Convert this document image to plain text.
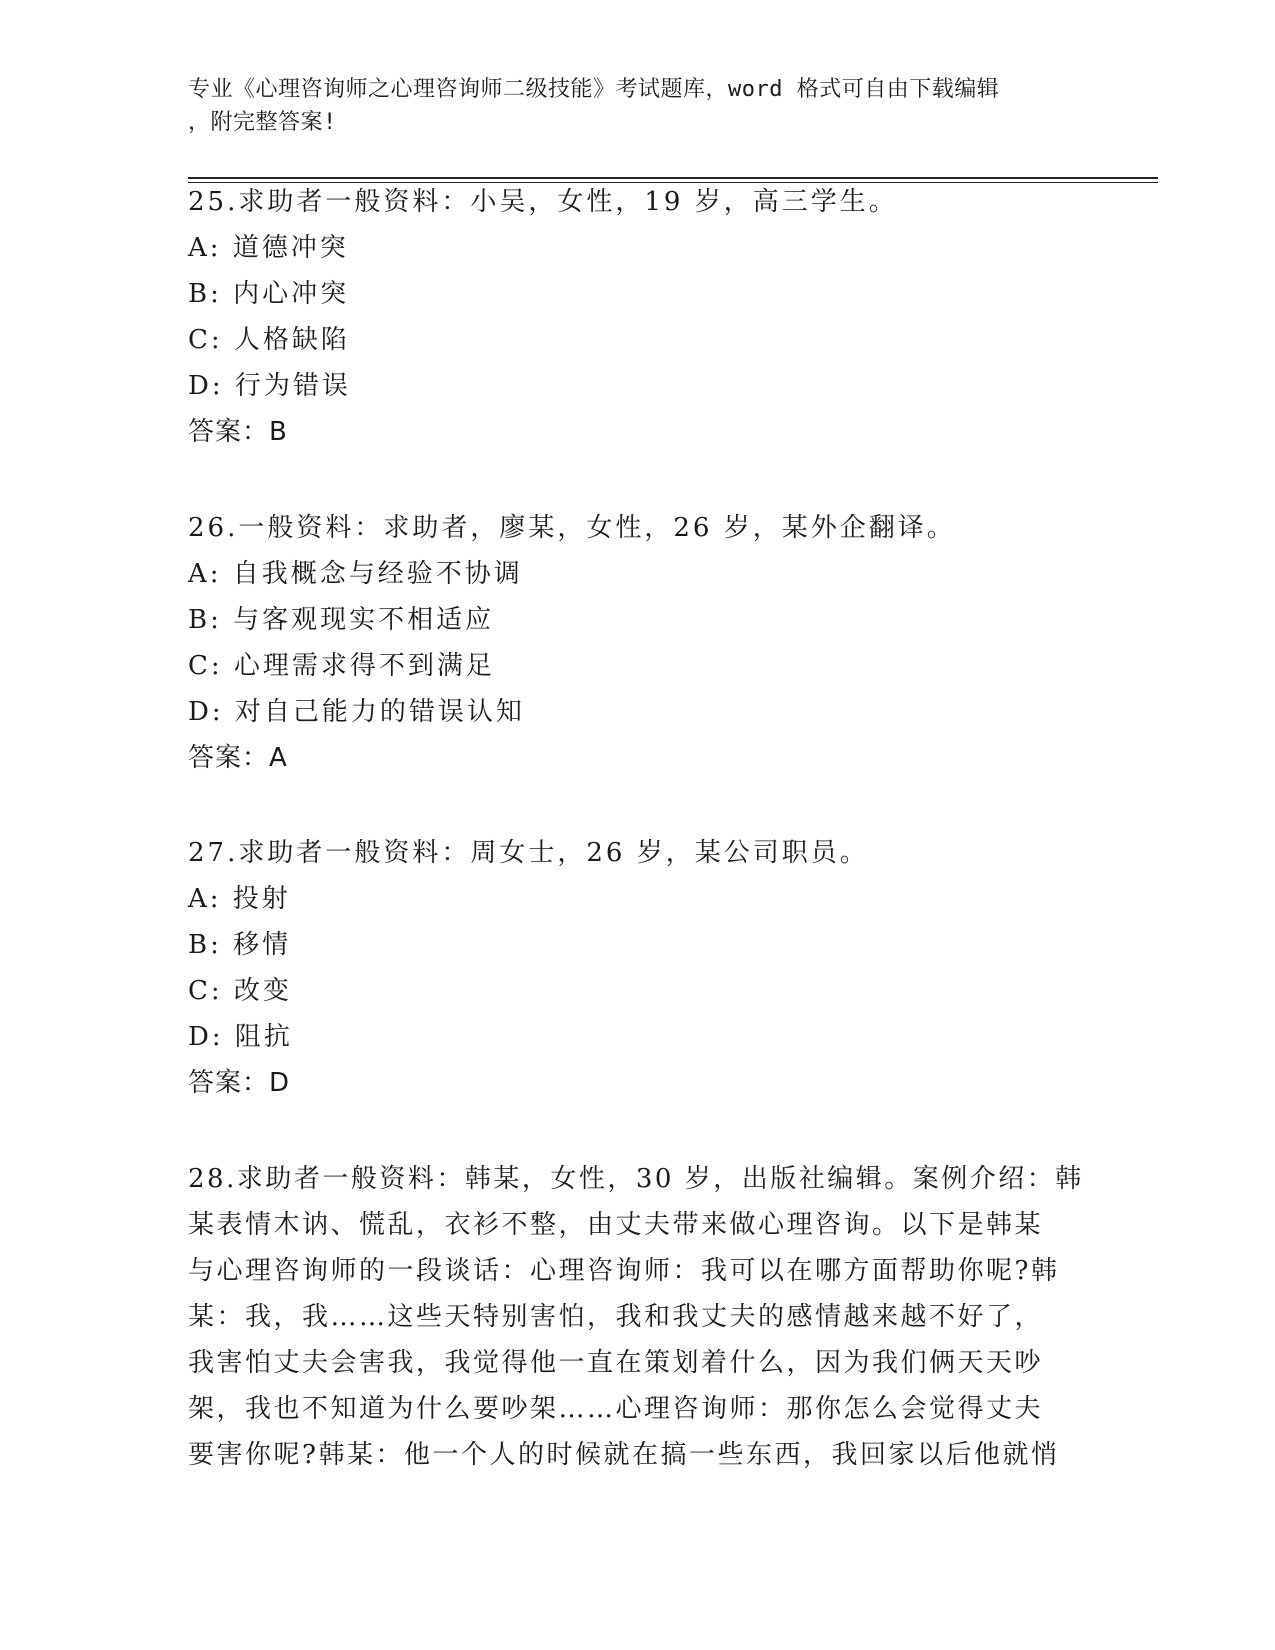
专业《心理咨询师之心理咨询师二级技能》考试题库，word 格式可自由下载编辑
，附完整答案!
25.求助者一般资料：小吴，女性，19 岁，高三学生。
A: 道德冲突
B: 内心冲突
C: 人格缺陷
D: 行为错误
答案：B
26.一般资料：求助者，廖某，女性，26 岁，某外企翻译。
A: 自我概念与经验不协调
B: 与客观现实不相适应
C: 心理需求得不到满足
D: 对自己能力的错误认知
答案：A
27.求助者一般资料：周女士，26 岁，某公司职员。
A: 投射
B: 移情
C: 改变
D: 阻抗
答案：D
28.求助者一般资料：韩某，女性，30 岁，出版社编辑。案例介绍：韩
某表情木讷、慌乱，衣衫不整，由丈夫带来做心理咨询。以下是韩某
与心理咨询师的一段谈话：心理咨询师：我可以在哪方面帮助你呢?韩
某：我，我……这些天特别害怕，我和我丈夫的感情越来越不好了，
我害怕丈夫会害我，我觉得他一直在策划着什么，因为我们俩天天吵
架，我也不知道为什么要吵架……心理咨询师：那你怎么会觉得丈夫
要害你呢?韩某：他一个人的时候就在搞一些东西，我回家以后他就悄
